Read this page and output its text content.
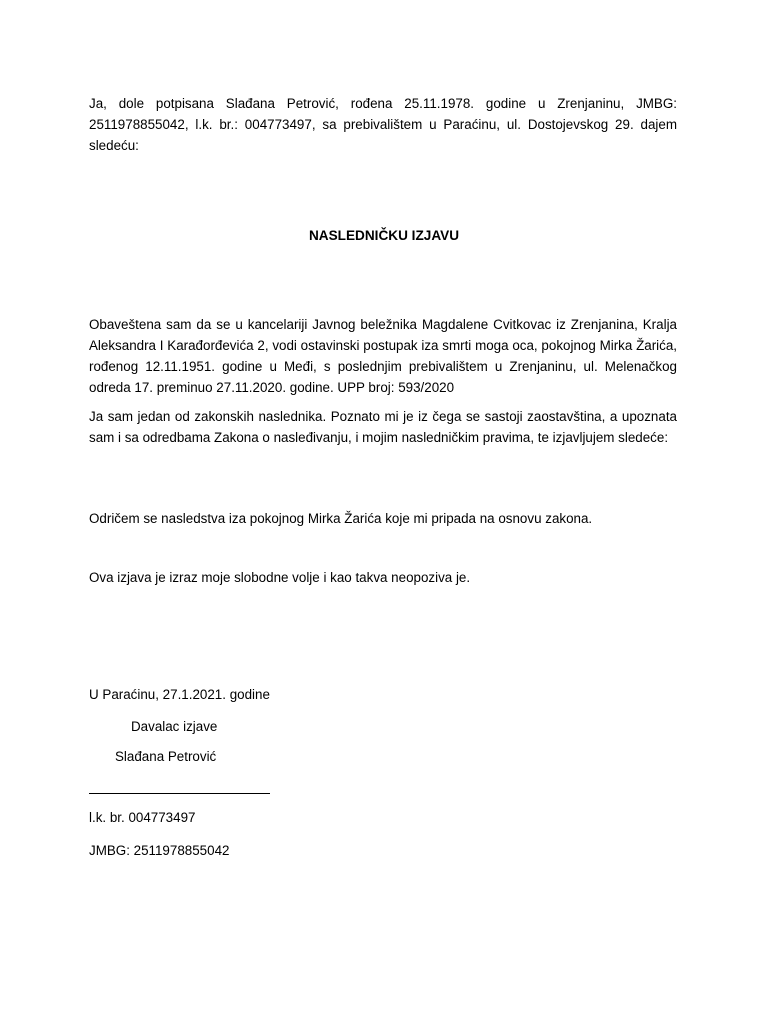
Ja, dole potpisana Slađana Petrović, rođena 25.11.1978. godine u Zrenjaninu, JMBG: 2511978855042, l.k. br.: 004773497, sa prebivalištem u Paraćinu, ul. Dostojevskog 29. dajem sledeću:

NASLEDNIČKU IZJAVU

Obaveštena sam da se u kancelariji Javnog beležnika Magdalene Cvitkovac iz Zrenjanina, Kralja Aleksandra I Karađorđevića 2, vodi ostavinski postupak iza smrti moga oca, pokojnog Mirka Žarića, rođenog 12.11.1951. godine u Međi, s poslednjim prebivalištem u Zrenjaninu, ul. Melenačkog odreda 17. preminuo 27.11.2020. godine. UPP broj: 593/2020

Ja sam jedan od zakonskih naslednika. Poznato mi je iz čega se sastoji zaostavština, a upoznata sam i sa odredbama Zakona o nasleđivanju, i mojim nasledničkim pravima, te izjavljujem sledeće:

Odričem se nasledstva iza pokojnog Mirka Žarića koje mi pripada na osnovu zakona.

Ova izjava je izraz moje slobodne volje i kao takva neopoziva je.

U Paraćinu, 27.1.2021. godine

Davalac izjave

Slađana Petrović

l.k. br. 004773497

JMBG: 2511978855042
